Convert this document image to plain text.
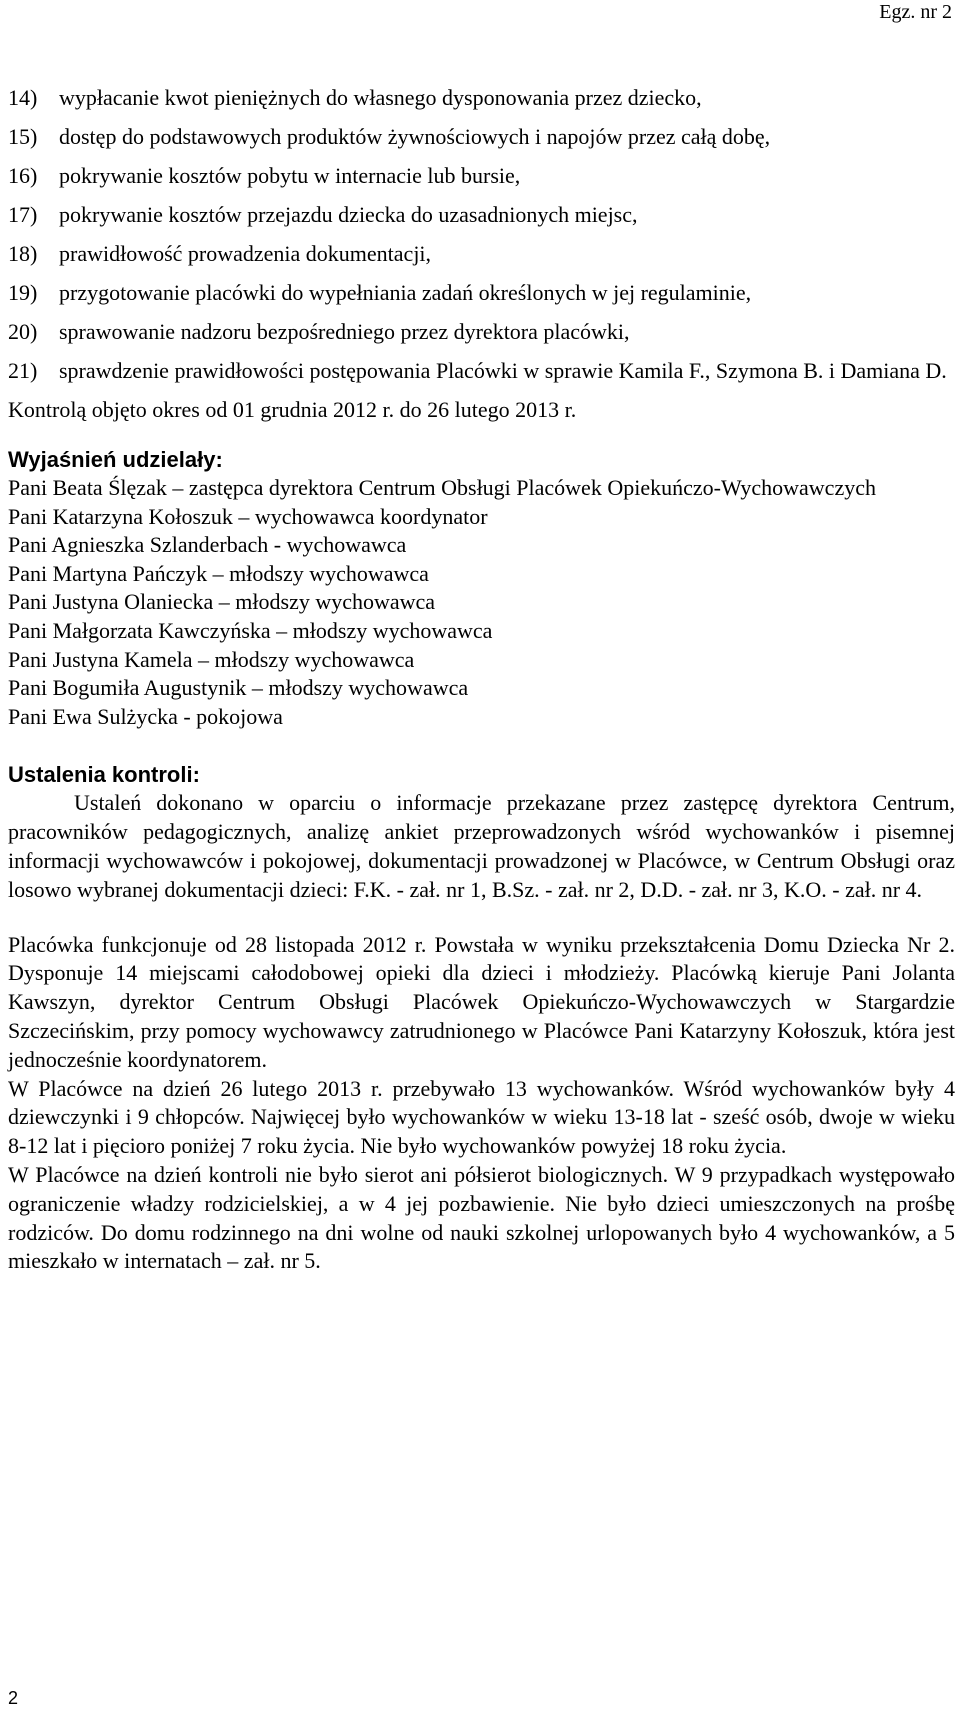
Egz. nr 2
14) wypłacanie kwot pieniężnych do własnego dysponowania przez dziecko,
15) dostęp do podstawowych produktów żywnościowych i napojów przez całą dobę,
16) pokrywanie kosztów pobytu w internacie lub bursie,
17) pokrywanie kosztów przejazdu dziecka do uzasadnionych miejsc,
18) prawidłowość prowadzenia dokumentacji,
19) przygotowanie placówki do wypełniania zadań określonych w jej regulaminie,
20) sprawowanie nadzoru bezpośredniego przez dyrektora placówki,
21) sprawdzenie prawidłowości postępowania Placówki w sprawie Kamila F., Szymona B. i Damiana D.

Kontrolą objęto okres od 01 grudnia 2012 r. do 26 lutego 2013 r.

Wyjaśnień udzielały:

Pani Beata Ślęzak – zastępca dyrektora Centrum Obsługi Placówek Opiekuńczo-Wychowawczych

Pani Katarzyna Kołoszuk – wychowawca koordynator

Pani Agnieszka Szlanderbach - wychowawca

Pani Martyna Pańczyk – młodszy wychowawca

Pani Justyna Olaniecka – młodszy wychowawca

Pani Małgorzata Kawczyńska – młodszy wychowawca

Pani Justyna Kamela – młodszy wychowawca

Pani Bogumiła Augustynik – młodszy wychowawca

Pani Ewa Sulżycka - pokojowa

Ustalenia kontroli:

Ustaleń dokonano w oparciu o informacje przekazane przez zastępcę dyrektora Centrum, pracowników pedagogicznych, analizę ankiet przeprowadzonych wśród wychowanków i pisemnej informacji wychowawców i pokojowej, dokumentacji prowadzonej w Placówce, w Centrum Obsługi oraz losowo wybranej dokumentacji dzieci: F.K. - zał. nr 1, B.Sz. - zał. nr 2, D.D. - zał. nr 3, K.O. - zał. nr 4.

Placówka funkcjonuje od 28 listopada 2012 r. Powstała w wyniku przekształcenia Domu Dziecka Nr 2. Dysponuje 14 miejscami całodobowej opieki dla dzieci i młodzieży. Placówką kieruje Pani Jolanta Kawszyn, dyrektor Centrum Obsługi Placówek Opiekuńczo-Wychowawczych w Stargardzie Szczecińskim, przy pomocy wychowawcy zatrudnionego w Placówce Pani Katarzyny Kołoszuk, która jest jednocześnie koordynatorem.

W Placówce na dzień 26 lutego 2013 r. przebywało 13 wychowanków. Wśród wychowanków były 4 dziewczynki i 9 chłopców. Najwięcej było wychowanków w wieku 13-18 lat - sześć osób, dwoje w wieku 8-12 lat i pięcioro poniżej 7 roku życia. Nie było wychowanków powyżej 18 roku życia.

W Placówce na dzień kontroli nie było sierot ani półsierot biologicznych. W 9 przypadkach występowało ograniczenie władzy rodzicielskiej, a w 4 jej pozbawienie. Nie było dzieci umieszczonych na prośbę rodziców. Do domu rodzinnego na dni wolne od nauki szkolnej urlopowanych było 4 wychowanków, a 5 mieszkało w internatach – zał. nr 5.

2
